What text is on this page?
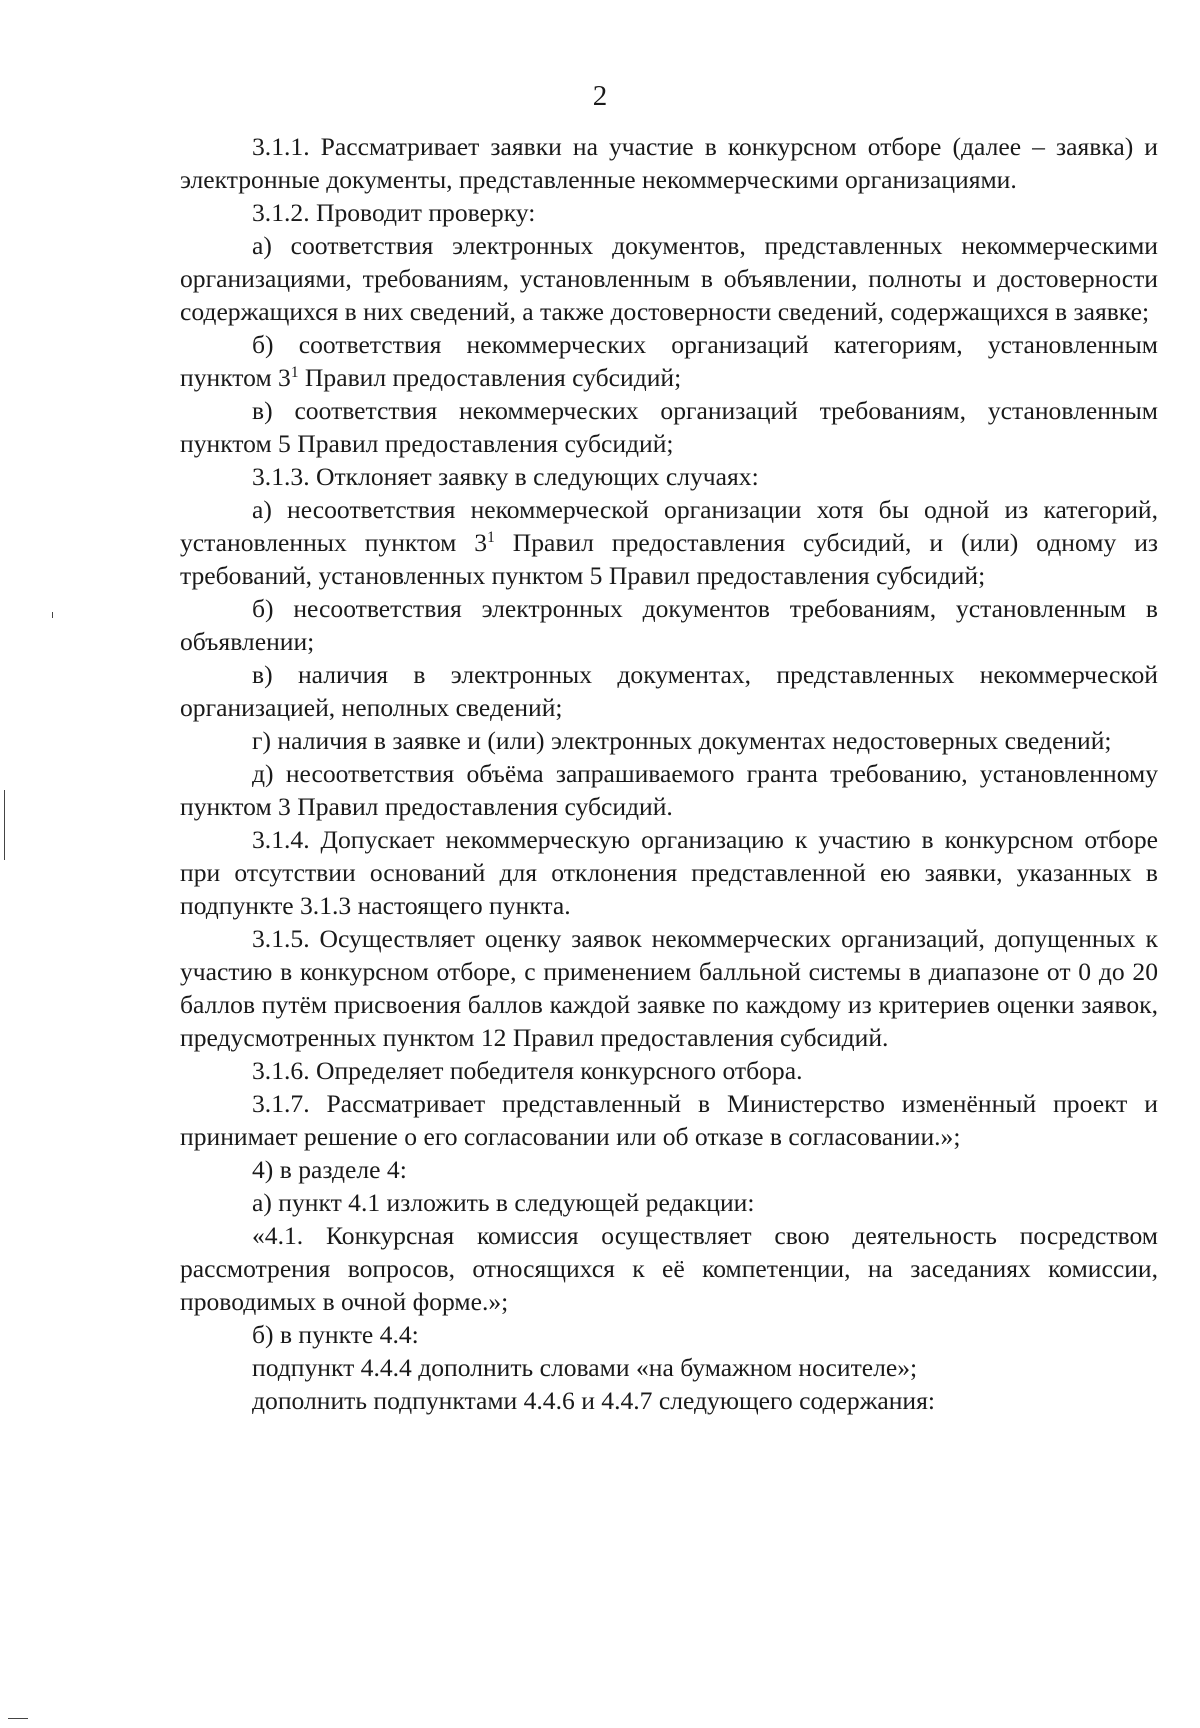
2

3.1.1. Рассматривает заявки на участие в конкурсном отборе (далее – заявка) и электронные документы, представленные некоммерческими организациями.

3.1.2. Проводит проверку:

а) соответствия электронных документов, представленных некоммерческими организациями, требованиям, установленным в объявлении, полноты и достоверности содержащихся в них сведений, а также достоверности сведений, содержащихся в заявке;

б) соответствия некоммерческих организаций категориям, установленным пунктом $3^1$ Правил предоставления субсидий;

в) соответствия некоммерческих организаций требованиям, установленным пунктом 5 Правил предоставления субсидий;

3.1.3. Отклоняет заявку в следующих случаях:

а) несоответствия некоммерческой организации хотя бы одной из категорий, установленных пунктом $3^1$ Правил предоставления субсидий, и (или) одному из требований, установленных пунктом 5 Правил предоставления субсидий;

б) несоответствия электронных документов требованиям, установленным в объявлении;

в) наличия в электронных документах, представленных некоммерческой организацией, неполных сведений;

г) наличия в заявке и (или) электронных документах недостоверных сведений;

д) несоответствия объёма запрашиваемого гранта требованию, установленному пунктом 3 Правил предоставления субсидий.

3.1.4. Допускает некоммерческую организацию к участию в конкурсном отборе при отсутствии оснований для отклонения представленной ею заявки, указанных в подпункте 3.1.3 настоящего пункта.

3.1.5. Осуществляет оценку заявок некоммерческих организаций, допущенных к участию в конкурсном отборе, с применением балльной системы в диапазоне от 0 до 20 баллов путём присвоения баллов каждой заявке по каждому из критериев оценки заявок, предусмотренных пунктом 12 Правил предоставления субсидий.

3.1.6. Определяет победителя конкурсного отбора.

3.1.7. Рассматривает представленный в Министерство изменённый проект и принимает решение о его согласовании или об отказе в согласовании.»;

4) в разделе 4:

а) пункт 4.1 изложить в следующей редакции:

«4.1. Конкурсная комиссия осуществляет свою деятельность посредством рассмотрения вопросов, относящихся к её компетенции, на заседаниях комиссии, проводимых в очной форме.»;

б) в пункте 4.4:

подпункт 4.4.4 дополнить словами «на бумажном носителе»;

дополнить подпунктами 4.4.6 и 4.4.7 следующего содержания:
